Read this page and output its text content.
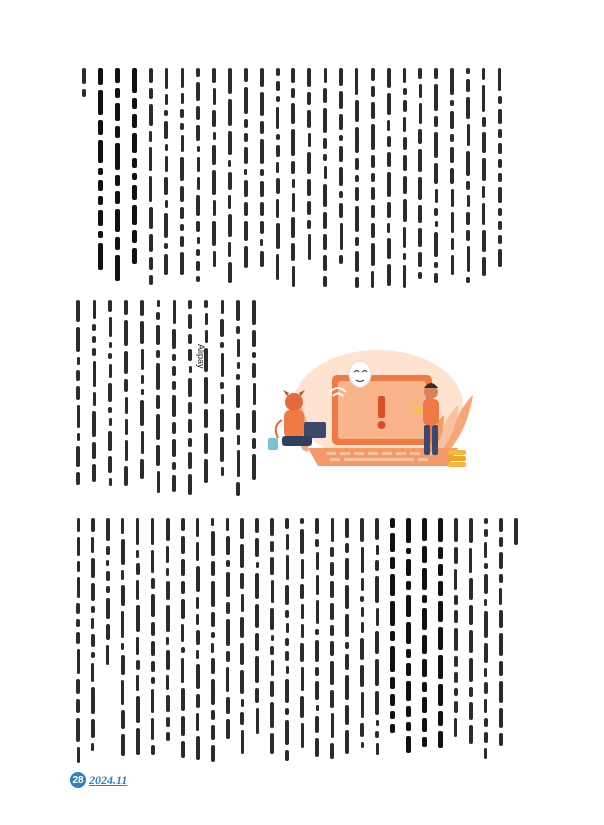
28 2024.11
Alipay
